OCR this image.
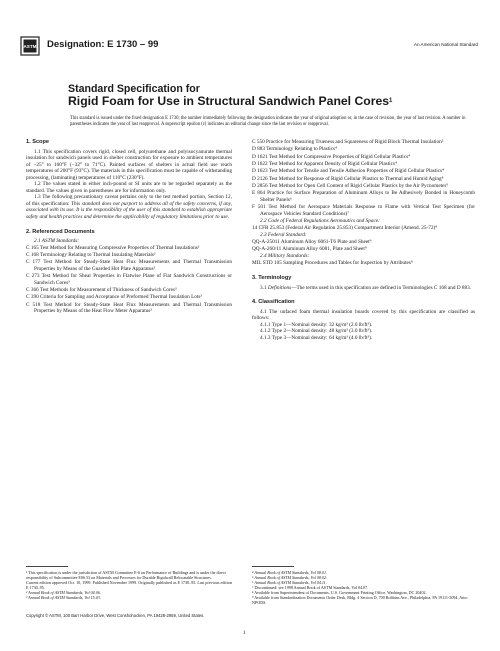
ASTM Designation: E 1730 – 99	An American National Standard
Standard Specification for
Rigid Foam for Use in Structural Sandwich Panel Cores$^1$
This standard is issued under the fixed designation E 1730; the number immediately following the designation indicates the year of original adoption or, in the case of revision, the year of last revision. A number in parentheses indicates the year of last reapproval. A superscript epsilon (ε) indicates an editorial change since the last revision or reapproval.
1. Scope

1.1 This specification covers rigid, closed cell, polyurethane and polyisocyanurate thermal insulation for sandwich panels used in shelter construction for exposure to ambient temperatures of −25° to 160°F (−32° to 71°C). Painted surfaces of shelters in actual field use reach temperatures of 200°F (93°C). The materials in this specification must be capable of withstanding processing, (laminating) temperatures of 110°C (230°F).

1.2 The values stated in either inch-pound or SI units are to be regarded separately as the standard. The values given in parentheses are for information only.

1.3 The following precautionary caveat pertains only to the test method portion, Section 12, of this specification: This standard does not purport to address all of the safety concerns, if any, associated with its use. It is the responsibility of the user of this standard to establish appropriate safety and health practices and determine the applicability of regulatory limitations prior to use.

2. Referenced Documents

2.1 ASTM Standards:

C 165 Test Method for Measuring Compressive Properties of Thermal Insulations²

C 168 Terminology Relating to Thermal Insulating Materials²

C 177 Test Method for Steady-State Heat Flux Measurements and Thermal Transmission Properties by Means of the Guarded Hot Plate Apparatus²

C 273 Test Method for Shear Properties in Flatwise Plane of Flat Sandwich Constructions or Sandwich Cores³

C 366 Test Methods for Measurement of Thickness of Sandwich Cores³

C 390 Criteria for Sampling and Acceptance of Preformed Thermal Insulation Lots²

C 518 Test Method for Steady-State Heat Flux Measurements and Thermal Transmission Properties by Means of the Heat Flow Meter Apparatus²

C 550 Practice for Measuring Trueness and Squareness of Rigid Block Thermal Insulation²

D 883 Terminology Relating to Plastics⁴

D 1621 Test Method for Compressive Properties of Rigid Cellular Plastics⁴

D 1622 Test Method for Apparent Density of Rigid Cellular Plastics⁴

D 1623 Test Method for Tensile and Tensile Adhesion Properties of Rigid Cellular Plastics⁴

D 2126 Test Method for Response of Rigid Cellular Plastics to Thermal and Humid Aging⁴

D 2856 Test Method for Open Cell Content of Rigid Cellular Plastics by the Air Pycnometer⁵

E 864 Practice for Surface Preparation of Aluminum Alloys to Be Adhesively Bonded in Honeycomb Shelter Panels⁶

F 501 Test Method for Aerospace Materials Response to Flame with Vertical Test Specimen (for Aerospace Vehicles Standard Conditions)⁷

2.2 Code of Federal Regulations Aeronautics and Space:

14 CFR 25.853 (Federal Air Regulation 25.853) Compartment Interior (Amend. 25-72)⁸

2.3 Federal Standard:

QQ-A-25011 Aluminum Alloy 6061-T6 Plate and Sheet⁹

QQ-A-260/11 Aluminum Alloy 6081, Plate and Sheet⁹

2.4 Military Standards:

MIL STD 105 Sampling Procedures and Tables for Inspection by Attributes⁹

3. Terminology

3.1 Definitions—The terms used in this specification are defined in Terminologies C 168 and D 883.

4. Classification

4.1 The unfaced foam thermal insulation boards covered by this specification are classified as follows:

4.1.1 Type 1—Nominal density: 32 kg/m³ (2.0 lb/ft³).

4.1.2 Type 2—Nominal density: 48 kg/m³ (3.0 lb/ft³).

4.1.3 Type 3—Nominal density: 64 kg/m³ (4.0 lb/ft³).

¹ This specification is under the jurisdiction of ASTM Committee E-6 on Performance of Buildings and is under the direct responsibility of Subcommittee E06.53 on Materials and Processes for Durable Rigidwall Relocatable Structures.

Current edition approved Oct. 10, 1999. Published November 1999. Originally published as E 1730–95. Last previous edition E 1730–95.

² Annual Book of ASTM Standards, Vol 04.06.

³ Annual Book of ASTM Standards, Vol 15.03.

⁴ Annual Book of ASTM Standards, Vol 08.01.

⁵ Annual Book of ASTM Standards, Vol 08.02.

⁶ Annual Book of ASTM Standards, Vol 04.11.

⁷ Discontinued: see 1998 Annual Book of ASTM Standards, Vol 04.07.

⁸ Available from Superintendent of Documents, U.S. Government Printing Office, Washington, DC 20402.

⁹ Available from Standardization Documents Order Desk, Bldg. 4 Section D, 700 Robbins Ave., Philadelphia, PA 19111-5094, Attn: NPODS.

Copyright © ASTM, 100 Barr Harbor Drive, West Conshohocken, PA 19428-2959, United States.
1
